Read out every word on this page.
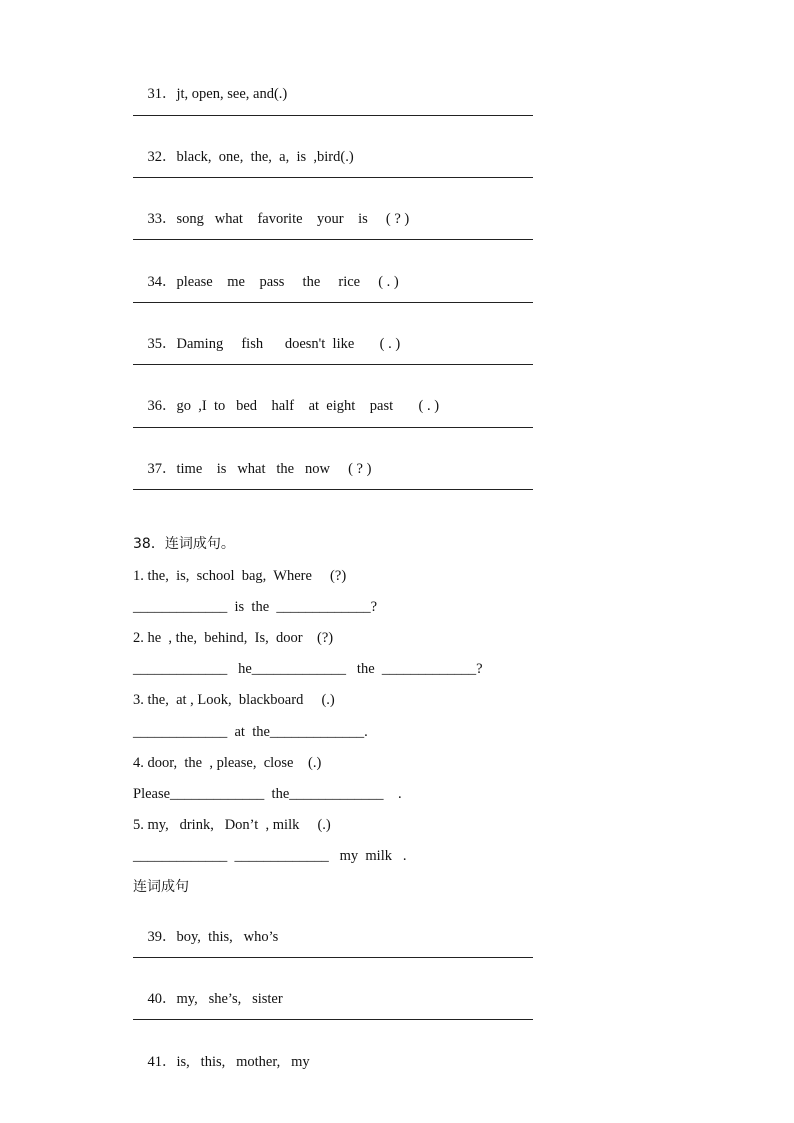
31．jt, open, see, and(.)

32．black,  one,  the,  a,  is  ,bird(.)

33．song   what    favorite    your    is     ( ? )

34．please    me    pass     the     rice     ( . )

35．Daming     fish      doesn't  like       ( . )

36．go  ,I  to   bed    half    at  eight    past       ( . )

37．time    is   what   the   now     ( ? )

38．连词成句。
1. the,  is,  school  bag,  Where     (?)
_____________  is  the  _____________?
2. he  , the,  behind,  Is,  door    (?)
_____________   he_____________   the  _____________?
3. the,  at , Look,  blackboard     (.)
_____________  at  the_____________.
4. door,  the  , please,  close    (.)
Please_____________  the_____________    .
5. my,   drink,   Don’t  , milk     (.)
_____________  _____________   my  milk   .
连词成句

39．boy,  this,   who’s

40．my,   she’s,   sister

41．is,   this,   mother,   my
